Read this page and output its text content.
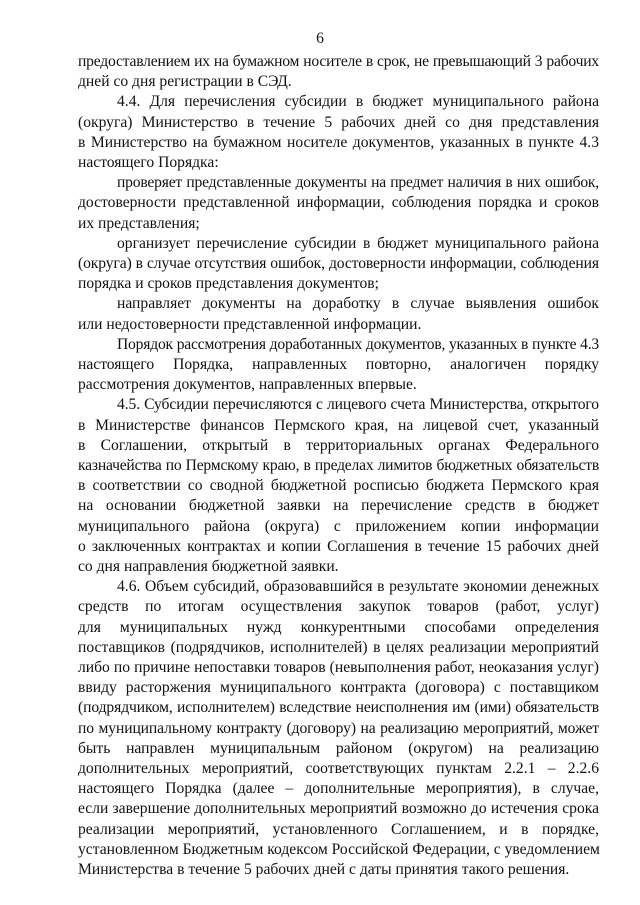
6
предоставлением их на бумажном носителе в срок, не превышающий 3 рабочих
дней со дня регистрации в СЭД.
4.4. Для перечисления субсидии в бюджет муниципального района
(округа) Министерство в течение 5 рабочих дней со дня представления
в Министерство на бумажном носителе документов, указанных в пункте 4.3
настоящего Порядка:
проверяет представленные документы на предмет наличия в них ошибок,
достоверности представленной информации, соблюдения порядка и сроков
их представления;
организует перечисление субсидии в бюджет муниципального района
(округа) в случае отсутствия ошибок, достоверности информации, соблюдения
порядка и сроков представления документов;
направляет документы на доработку в случае выявления ошибок
или недостоверности представленной информации.
Порядок рассмотрения доработанных документов, указанных в пункте 4.3
настоящего Порядка, направленных повторно, аналогичен порядку
рассмотрения документов, направленных впервые.
4.5. Субсидии перечисляются с лицевого счета Министерства, открытого
в Министерстве финансов Пермского края, на лицевой счет, указанный
в Соглашении, открытый в территориальных органах Федерального
казначейства по Пермскому краю, в пределах лимитов бюджетных обязательств
в соответствии со сводной бюджетной росписью бюджета Пермского края
на основании бюджетной заявки на перечисление средств в бюджет
муниципального района (округа) с приложением копии информации
о заключенных контрактах и копии Соглашения в течение 15 рабочих дней
со дня направления бюджетной заявки.
4.6. Объем субсидий, образовавшийся в результате экономии денежных
средств по итогам осуществления закупок товаров (работ, услуг)
для муниципальных нужд конкурентными способами определения
поставщиков (подрядчиков, исполнителей) в целях реализации мероприятий
либо по причине непоставки товаров (невыполнения работ, неоказания услуг)
ввиду расторжения муниципального контракта (договора) с поставщиком
(подрядчиком, исполнителем) вследствие неисполнения им (ими) обязательств
по муниципальному контракту (договору) на реализацию мероприятий, может
быть направлен муниципальным районом (округом) на реализацию
дополнительных мероприятий, соответствующих пунктам 2.2.1 – 2.2.6
настоящего Порядка (далее – дополнительные мероприятия), в случае,
если завершение дополнительных мероприятий возможно до истечения срока
реализации мероприятий, установленного Соглашением, и в порядке,
установленном Бюджетным кодексом Российской Федерации, с уведомлением
Министерства в течение 5 рабочих дней с даты принятия такого решения.
